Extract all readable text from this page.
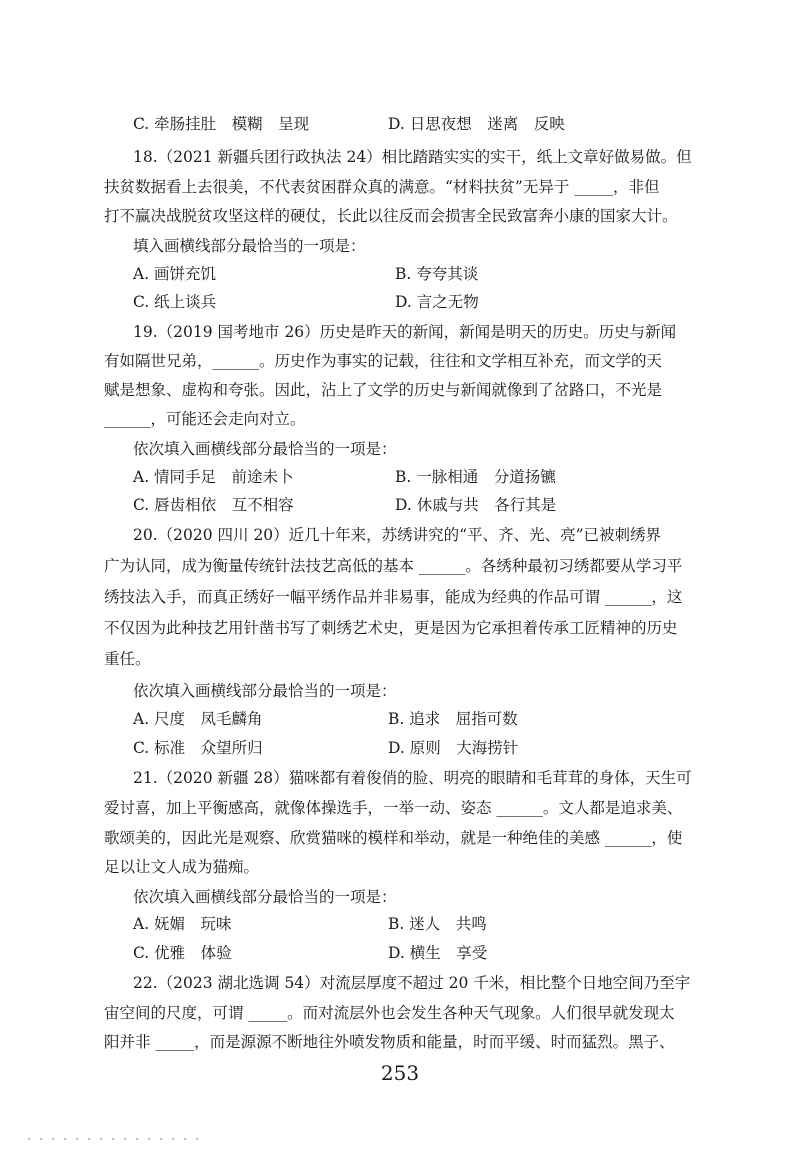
C. 牵肠挂肚　模糊　呈现	D. 日思夜想　迷离　反映
18.（2021 新疆兵团行政执法 24）相比踏踏实实的实干，纸上文章好做易做。但
扶贫数据看上去很美，不代表贫困群众真的满意。“材料扶贫”无异于 _____，非但
打不赢决战脱贫攻坚这样的硬仗，长此以往反而会损害全民致富奔小康的国家大计。
填入画横线部分最恰当的一项是：
A. 画饼充饥	B. 夸夸其谈
C. 纸上谈兵	D. 言之无物
19.（2019 国考地市 26）历史是昨天的新闻，新闻是明天的历史。历史与新闻
有如隔世兄弟，______。历史作为事实的记载，往往和文学相互补充，而文学的天
赋是想象、虚构和夸张。因此，沾上了文学的历史与新闻就像到了岔路口，不光是
______，可能还会走向对立。
依次填入画横线部分最恰当的一项是：
A. 情同手足　前途未卜	B. 一脉相通　分道扬镳
C. 唇齿相依　互不相容	D. 休戚与共　各行其是
20.（2020 四川 20）近几十年来，苏绣讲究的“平、齐、光、亮”已被刺绣界
广为认同，成为衡量传统针法技艺高低的基本 ______。各绣种最初习绣都要从学习平
绣技法入手，而真正绣好一幅平绣作品并非易事，能成为经典的作品可谓 ______，这
不仅因为此种技艺用针凿书写了刺绣艺术史，更是因为它承担着传承工匠精神的历史
重任。
依次填入画横线部分最恰当的一项是：
A. 尺度　凤毛麟角	B. 追求　屈指可数
C. 标准　众望所归	D. 原则　大海捞针
21.（2020 新疆 28）猫咪都有着俊俏的脸、明亮的眼睛和毛茸茸的身体，天生可
爱讨喜，加上平衡感高，就像体操选手，一举一动、姿态 ______。文人都是追求美、
歌颂美的，因此光是观察、欣赏猫咪的模样和举动，就是一种绝佳的美感 ______，使
足以让文人成为猫痴。
依次填入画横线部分最恰当的一项是：
A. 妩媚　玩味	B. 迷人　共鸣
C. 优雅　体验	D. 横生　享受
22.（2023 湖北选调 54）对流层厚度不超过 20 千米，相比整个日地空间乃至宇
宙空间的尺度，可谓 _____。而对流层外也会发生各种天气现象。人们很早就发现太
阳并非 _____，而是源源不断地往外喷发物质和能量，时而平缓、时而猛烈。黑子、
253
